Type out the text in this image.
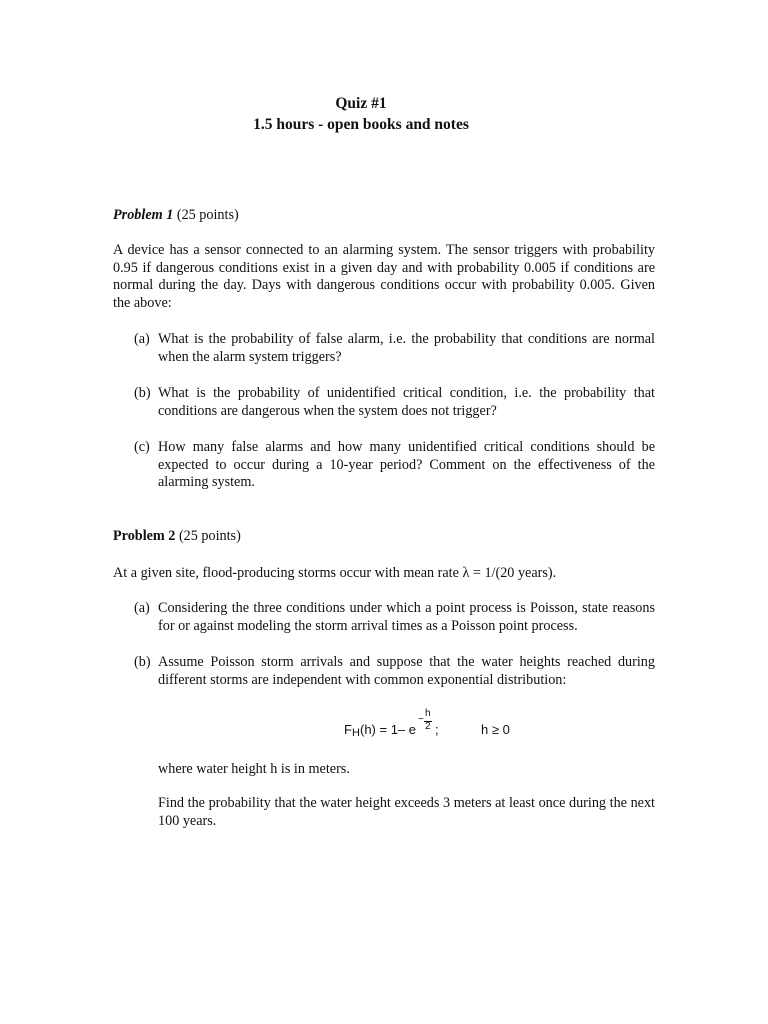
Quiz #1
1.5 hours - open books and notes
Problem 1 (25 points)
A device has a sensor connected to an alarming system. The sensor triggers with probability 0.95 if dangerous conditions exist in a given day and with probability 0.005 if conditions are normal during the day. Days with dangerous conditions occur with probability 0.005. Given the above:
(a) What is the probability of false alarm, i.e. the probability that conditions are normal when the alarm system triggers?
(b) What is the probability of unidentified critical condition, i.e. the probability that conditions are dangerous when the system does not trigger?
(c) How many false alarms and how many unidentified critical conditions should be expected to occur during a 10-year period? Comment on the effectiveness of the alarming system.
Problem 2 (25 points)
At a given site, flood-producing storms occur with mean rate λ = 1/(20 years).
(a) Considering the three conditions under which a point process is Poisson, state reasons for or against modeling the storm arrival times as a Poisson point process.
(b) Assume Poisson storm arrivals and suppose that the water heights reached during different storms are independent with common exponential distribution:
F H (h) = 1– e
−
h
2 ;	h ≥ 0
where water height h is in meters.
Find the probability that the water height exceeds 3 meters at least once during the next 100 years.
